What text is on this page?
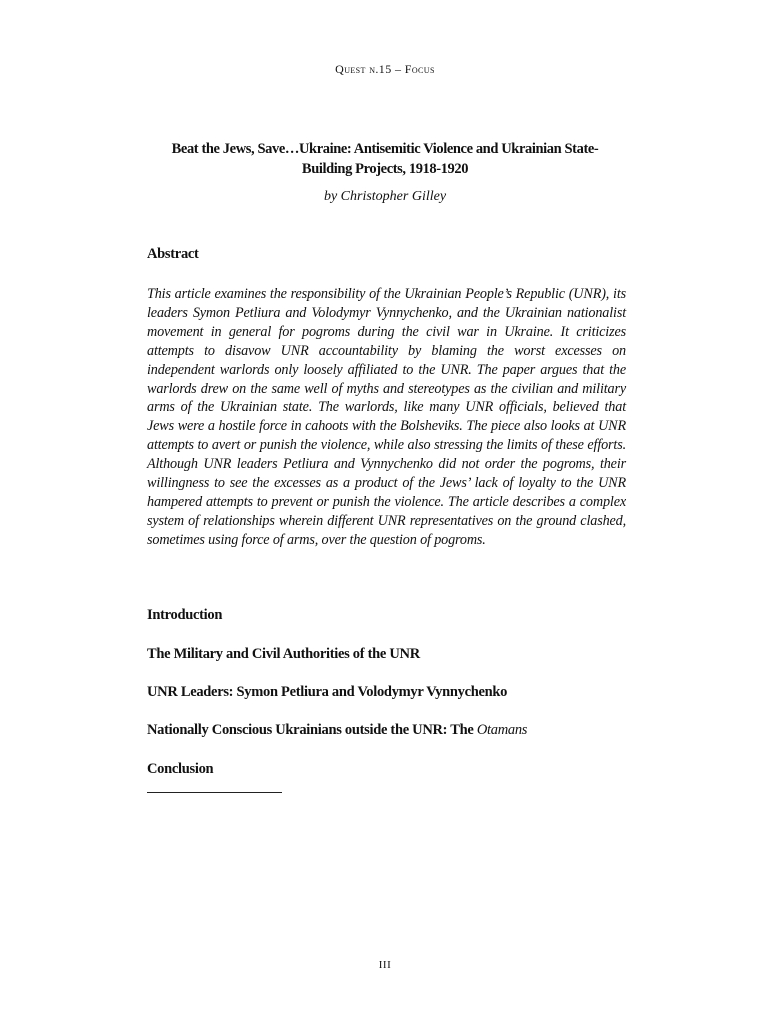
Quest n.15 – Focus
Beat the Jews, Save…Ukraine: Antisemitic Violence and Ukrainian State-Building Projects, 1918-1920
by Christopher Gilley
Abstract

This article examines the responsibility of the Ukrainian People’s Republic (UNR), its leaders Symon Petliura and Volodymyr Vynnychenko, and the Ukrainian nationalist movement in general for pogroms during the civil war in Ukraine. It criticizes attempts to disavow UNR accountability by blaming the worst excesses on independent warlords only loosely affiliated to the UNR. The paper argues that the warlords drew on the same well of myths and stereotypes as the civilian and military arms of the Ukrainian state. The warlords, like many UNR officials, believed that Jews were a hostile force in cahoots with the Bolsheviks. The piece also looks at UNR attempts to avert or punish the violence, while also stressing the limits of these efforts. Although UNR leaders Petliura and Vynnychenko did not order the pogroms, their willingness to see the excesses as a product of the Jews’ lack of loyalty to the UNR hampered attempts to prevent or punish the violence. The article describes a complex system of relationships wherein different UNR representatives on the ground clashed, sometimes using force of arms, over the question of pogroms.

Introduction
The Military and Civil Authorities of the UNR
UNR Leaders: Symon Petliura and Volodymyr Vynnychenko
Nationally Conscious Ukrainians outside the UNR: The Otamans
Conclusion
III
